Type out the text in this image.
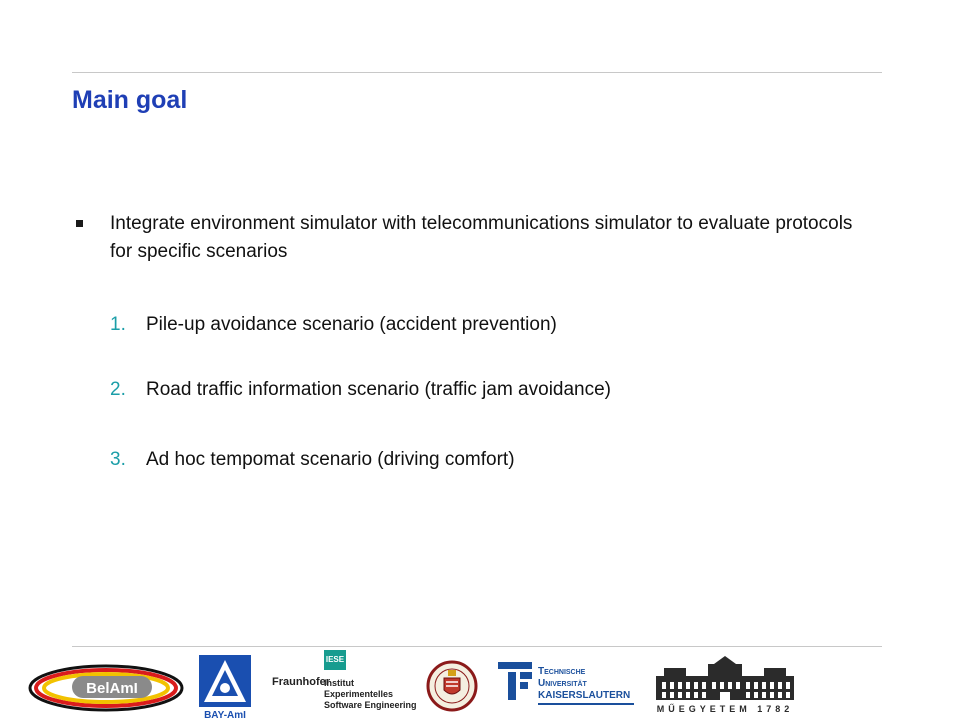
Main goal
Integrate environment simulator with telecommunications simulator to evaluate protocols for specific scenarios
1.	Pile-up avoidance scenario (accident prevention)
2.	Road traffic information scenario (traffic jam avoidance)
3.	Ad hoc tempomat scenario (driving comfort)
BelAmI
BAY-AmI
IESE
Fraunhofer
Institut
Experimentelles
Software Engineering
Technische Universität
KAISERSLAUTERN
MŰEGYETEM 1782
